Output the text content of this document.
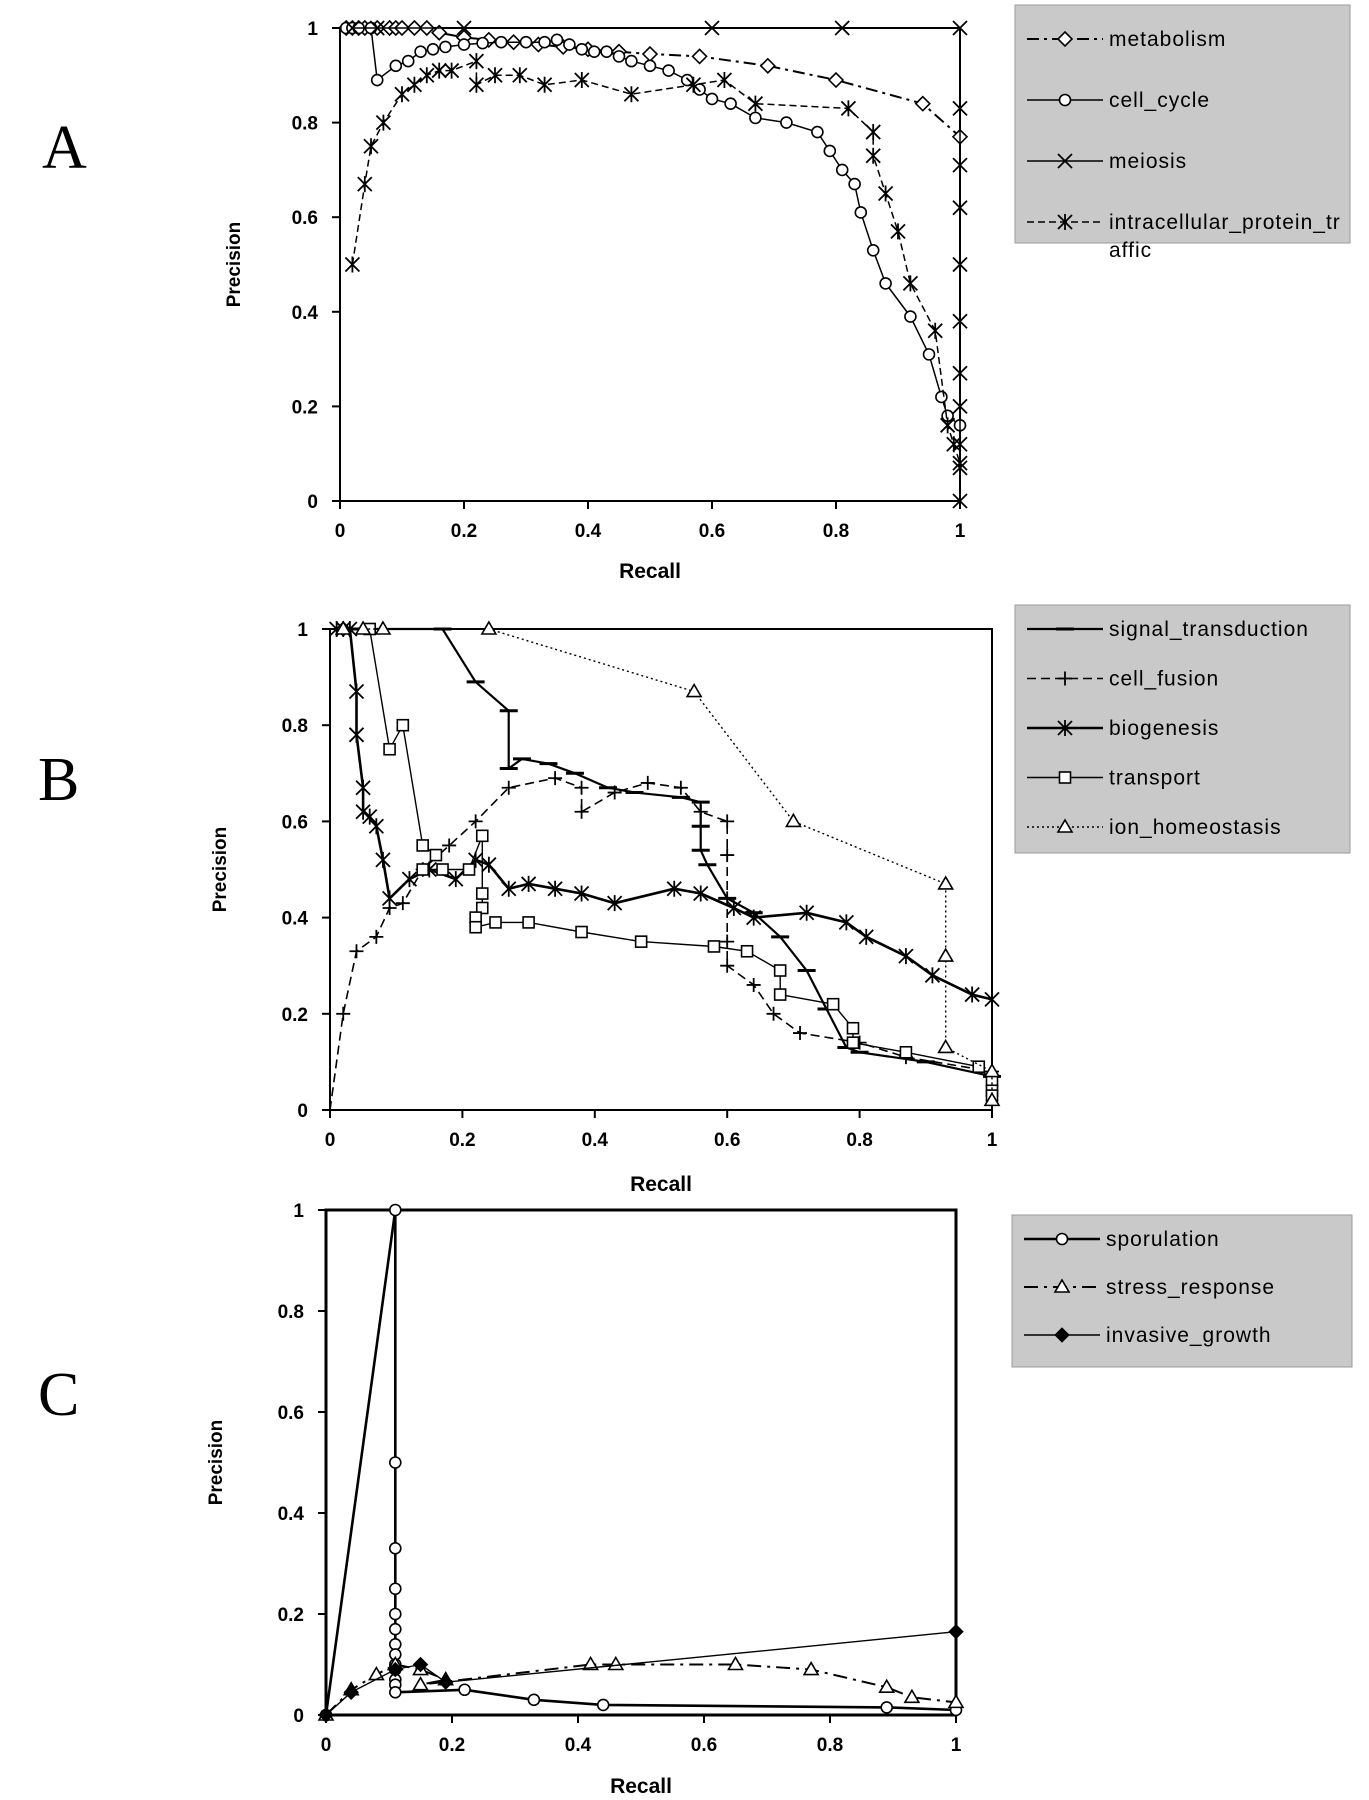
A
0	0.2	0.4	0.6	0.8	1
0
0.2
0.4
0.6
0.8
1
Recall
Precision
metabolism
cell_cycle
meiosis
intracellular_protein_tr
affic
B
0	0.2	0.4	0.6	0.8	1
0
0.2
0.4
0.6
0.8
1
Recall
Precision
signal_transduction
cell_fusion
biogenesis
transport
ion_homeostasis
C
0	0.2	0.4	0.6	0.8	1
0
0.2
0.4
0.6
0.8
1
Recall
Precision
sporulation
stress_response
invasive_growth
